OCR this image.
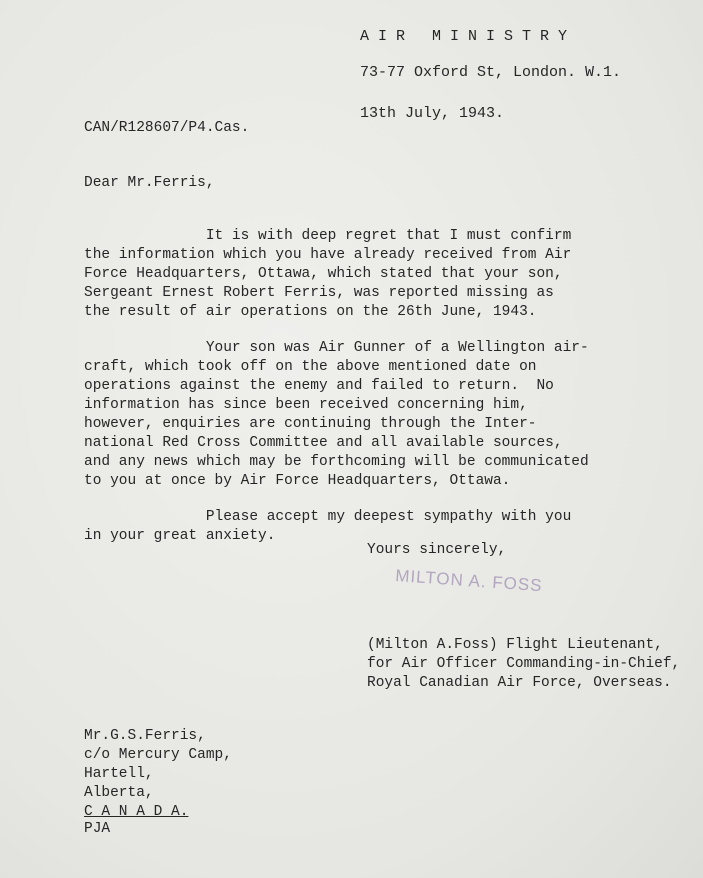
A I R   M I N I S T R Y
73-77 Oxford St, London. W.1.
13th July, 1943.
CAN/R128607/P4.Cas.
Dear Mr.Ferris,

It is with deep regret that I must confirm
the information which you have already received from Air
Force Headquarters, Ottawa, which stated that your son,
Sergeant Ernest Robert Ferris, was reported missing as
the result of air operations on the 26th June, 1943.

Your son was Air Gunner of a Wellington air-
craft, which took off on the above mentioned date on
operations against the enemy and failed to return.  No
information has since been received concerning him,
however, enquiries are continuing through the Inter-
national Red Cross Committee and all available sources,
and any news which may be forthcoming will be communicated
to you at once by Air Force Headquarters, Ottawa.

Please accept my deepest sympathy with you
in your great anxiety.

Yours sincerely,
MILTON A. FOSS

(Milton A.Foss) Flight Lieutenant,
for Air Officer Commanding-in-Chief,
Royal Canadian Air Force, Overseas.

Mr.G.S.Ferris,
c/o Mercury Camp,
Hartell,
Alberta,
C A N A D A.

PJA
